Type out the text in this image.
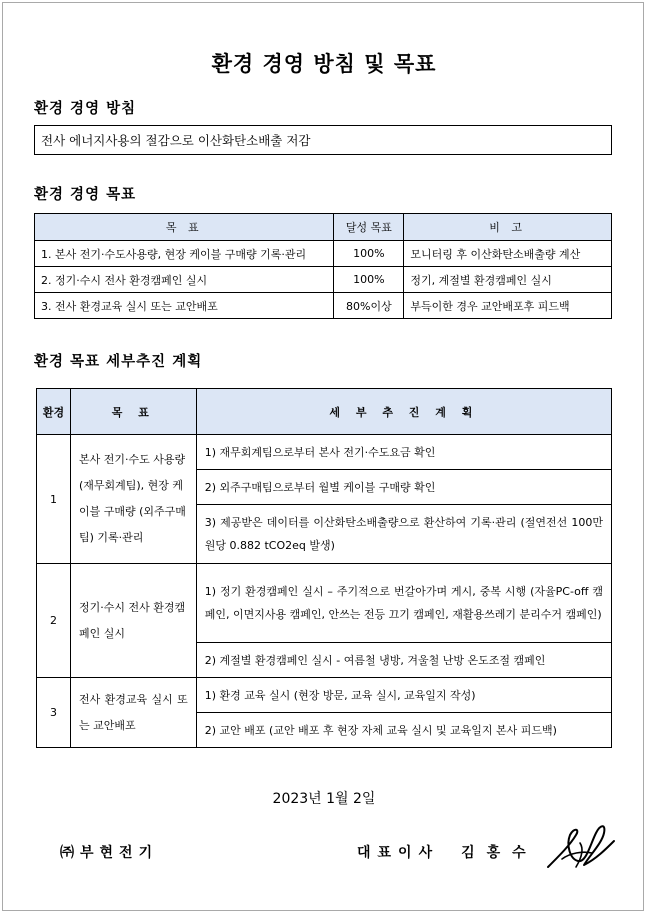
환경 경영 방침 및 목표
환경 경영 방침
전사 에너지사용의 절감으로 이산화탄소배출 저감
환경 경영 목표
목 표	달성 목표	비 고
1. 본사 전기·수도사용량, 현장 케이블 구매량 기록·관리	100%	모니터링 후 이산화탄소배출량 계산
2. 정기·수시 전사 환경캠페인 실시	100%	정기, 계절별 환경캠페인 실시
3. 전사 환경교육 실시 또는 교안배포	80%이상	부득이한 경우 교안배포후 피드백
환경 목표 세부추진 계획
환경	목 표	세 부 추 진 계 획
1	본사 전기·수도 사용량 (재무회계팀), 현장 케이블 구매량 (외주구매팀) 기록·관리	1) 재무회계팀으로부터 본사 전기·수도요금 확인
		2) 외주구매팀으로부터 월별 케이블 구매량 확인
		3) 제공받은 데이터를 이산화탄소배출량으로 환산하여 기록·관리 (절연전선 100만원당 0.882 tCO2eq 발생)
2	정기·수시 전사 환경캠페인 실시	1) 정기 환경캠페인 실시 – 주기적으로 번갈아가며 게시, 중복 시행 (자율PC-off 캠페인, 이면지사용 캠페인, 안쓰는 전등 끄기 캠페인, 재활용쓰레기 분리수거 캠페인)
		2) 계절별 환경캠페인 실시 - 여름철 냉방, 겨울철 난방 온도조절 캠페인
3	전사 환경교육 실시 또는 교안배포	1) 환경 교육 실시 (현장 방문, 교육 실시, 교육일지 작성)
		2) 교안 배포 (교안 배포 후 현장 자체 교육 실시 및 교육일지 본사 피드백)
2023년 1월 2일
㈜부현전기	대표이사 김홍수
